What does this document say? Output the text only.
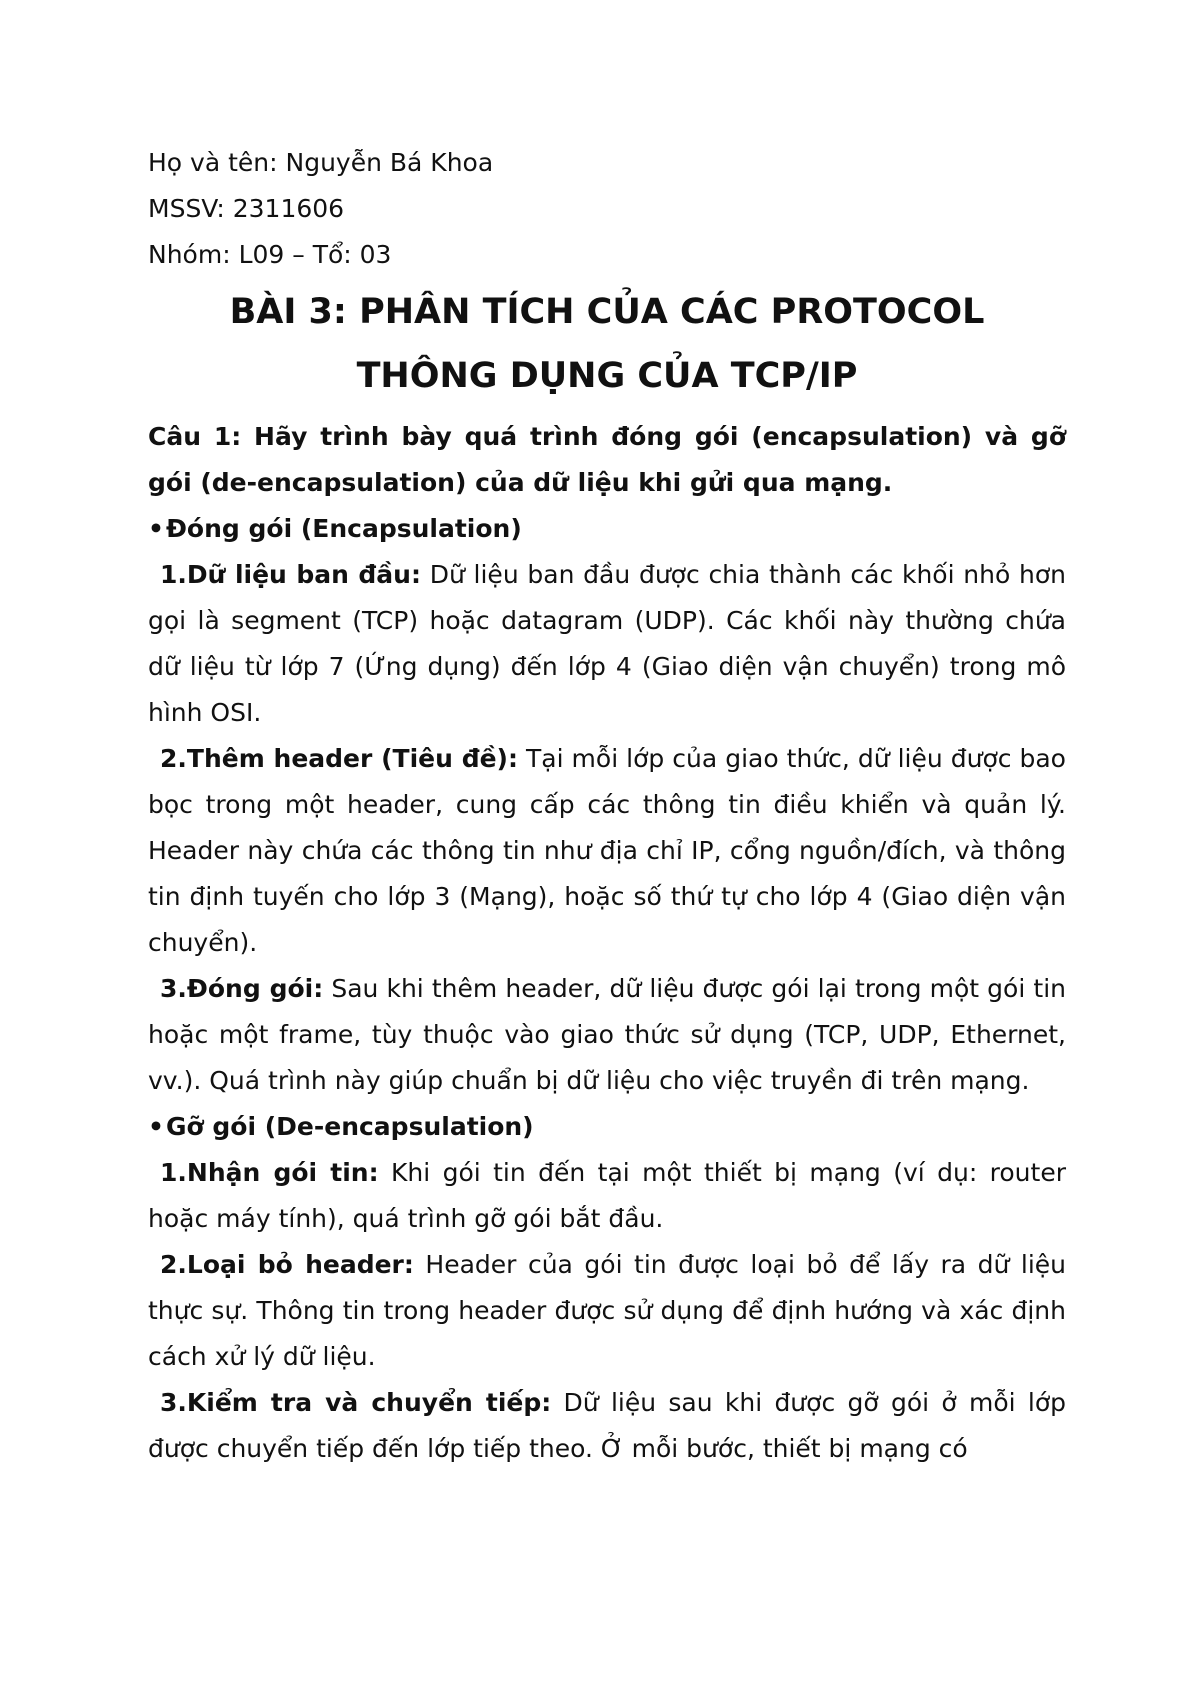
Họ và tên: Nguyễn Bá Khoa

MSSV: 2311606

Nhóm: L09 – Tổ: 03

BÀI 3: PHÂN TÍCH CỦA CÁC PROTOCOL

THÔNG DỤNG CỦA TCP/IP

Câu 1: Hãy trình bày quá trình đóng gói (encapsulation) và gỡ gói (de-encapsulation) của dữ liệu khi gửi qua mạng.

•Đóng gói (Encapsulation)

1.Dữ liệu ban đầu: Dữ liệu ban đầu được chia thành các khối nhỏ hơn gọi là segment (TCP) hoặc datagram (UDP). Các khối này thường chứa dữ liệu từ lớp 7 (Ứng dụng) đến lớp 4 (Giao diện vận chuyển) trong mô hình OSI.

2.Thêm header (Tiêu đề): Tại mỗi lớp của giao thức, dữ liệu được bao bọc trong một header, cung cấp các thông tin điều khiển và quản lý. Header này chứa các thông tin như địa chỉ IP, cổng nguồn/đích, và thông tin định tuyến cho lớp 3 (Mạng), hoặc số thứ tự cho lớp 4 (Giao diện vận chuyển).

3.Đóng gói: Sau khi thêm header, dữ liệu được gói lại trong một gói tin hoặc một frame, tùy thuộc vào giao thức sử dụng (TCP, UDP, Ethernet, vv.). Quá trình này giúp chuẩn bị dữ liệu cho việc truyền đi trên mạng.

•Gỡ gói (De-encapsulation)

1.Nhận gói tin: Khi gói tin đến tại một thiết bị mạng (ví dụ: router hoặc máy tính), quá trình gỡ gói bắt đầu.

2.Loại bỏ header: Header của gói tin được loại bỏ để lấy ra dữ liệu thực sự. Thông tin trong header được sử dụng để định hướng và xác định cách xử lý dữ liệu.

3.Kiểm tra và chuyển tiếp: Dữ liệu sau khi được gỡ gói ở mỗi lớp được chuyển tiếp đến lớp tiếp theo. Ở mỗi bước, thiết bị mạng có
